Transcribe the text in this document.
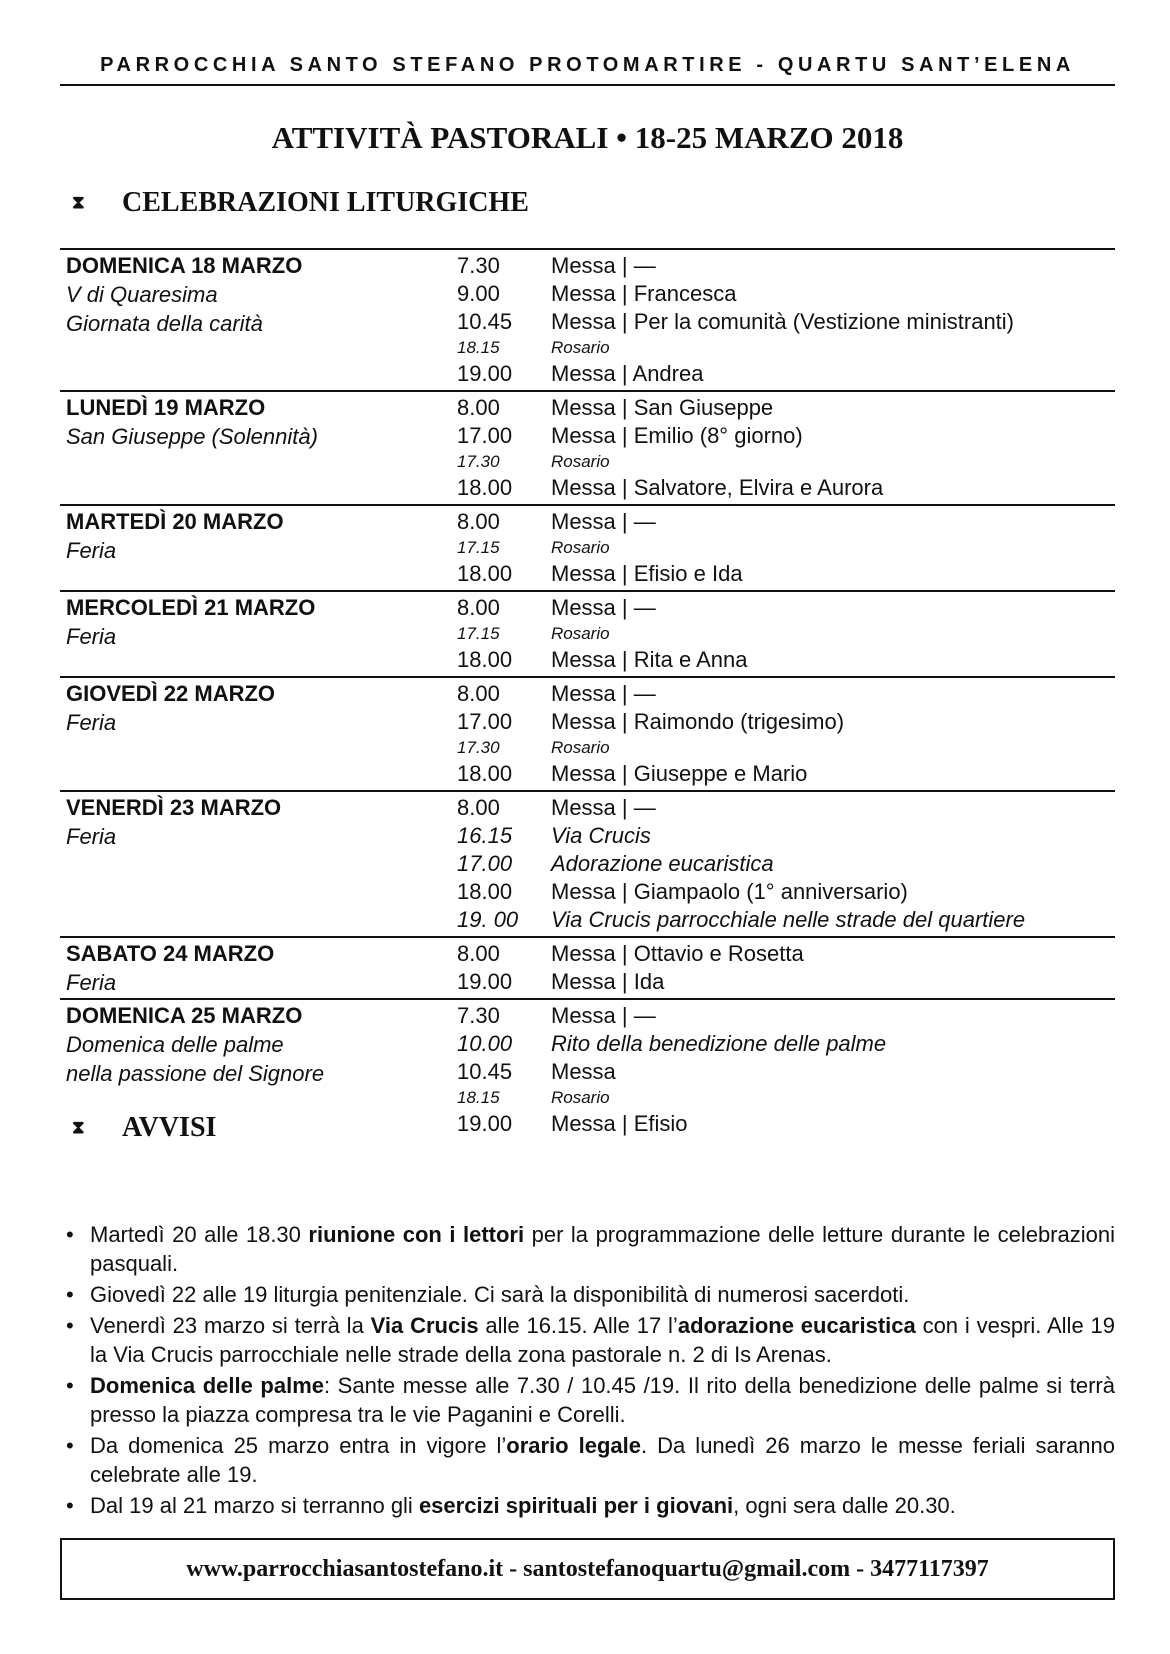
PARROCCHIA SANTO STEFANO PROTOMARTIRE - QUARTU SANT’ELENA
ATTIVITÀ PASTORALI • 18-25 MARZO 2018
⧗ CELEBRAZIONI LITURGICHE
DOMENICA 18 MARZO
V di Quaresima
Giornata della carità
7.30	Messa | —
9.00	Messa | Francesca
10.45	Messa | Per la comunità (Vestizione ministranti)
18.15	Rosario
19.00	Messa | Andrea
LUNEDÌ 19 MARZO
San Giuseppe (Solennità)
8.00	Messa | San Giuseppe
17.00	Messa | Emilio (8° giorno)
17.30	Rosario
18.00	Messa | Salvatore, Elvira e Aurora
MARTEDÌ 20 MARZO
Feria
8.00	Messa | —
17.15	Rosario
18.00	Messa | Efisio e Ida
MERCOLEDÌ 21 MARZO
Feria
8.00	Messa | —
17.15	Rosario
18.00	Messa | Rita e Anna
GIOVEDÌ 22 MARZO
Feria
8.00	Messa | —
17.00	Messa | Raimondo (trigesimo)
17.30	Rosario
18.00	Messa | Giuseppe e Mario
VENERDÌ 23 MARZO
Feria
8.00	Messa | —
16.15	Via Crucis
17.00	Adorazione eucaristica
18.00	Messa | Giampaolo (1° anniversario)
19. 00	Via Crucis parrocchiale nelle strade del quartiere
SABATO 24 MARZO
Feria
8.00	Messa | Ottavio e Rosetta
19.00	Messa | Ida
DOMENICA 25 MARZO
Domenica delle palme
nella passione del Signore
7.30	Messa | —
10.00	Rito della benedizione delle palme
10.45	Messa
18.15	Rosario
19.00	Messa | Efisio
⧗ AVVISI
• Martedì 20 alle 18.30 riunione con i lettori per la programmazione delle letture durante le celebrazioni pasquali.
• Giovedì 22 alle 19 liturgia penitenziale. Ci sarà la disponibilità di numerosi sacerdoti.
• Venerdì 23 marzo si terrà la Via Crucis alle 16.15. Alle 17 l’adorazione eucaristica con i vespri. Alle 19 la Via Crucis parrocchiale nelle strade della zona pastorale n. 2 di Is Arenas.
• Domenica delle palme: Sante messe alle 7.30 / 10.45 /19. Il rito della benedizione delle palme si terrà presso la piazza compresa tra le vie Paganini e Corelli.
• Da domenica 25 marzo entra in vigore l’orario legale. Da lunedì 26 marzo le messe feriali saranno celebrate alle 19.
• Dal 19 al 21 marzo si terranno gli esercizi spirituali per i giovani, ogni sera dalle 20.30.
www.parrocchiasantostefano.it - santostefanoquartu@gmail.com - 3477117397
